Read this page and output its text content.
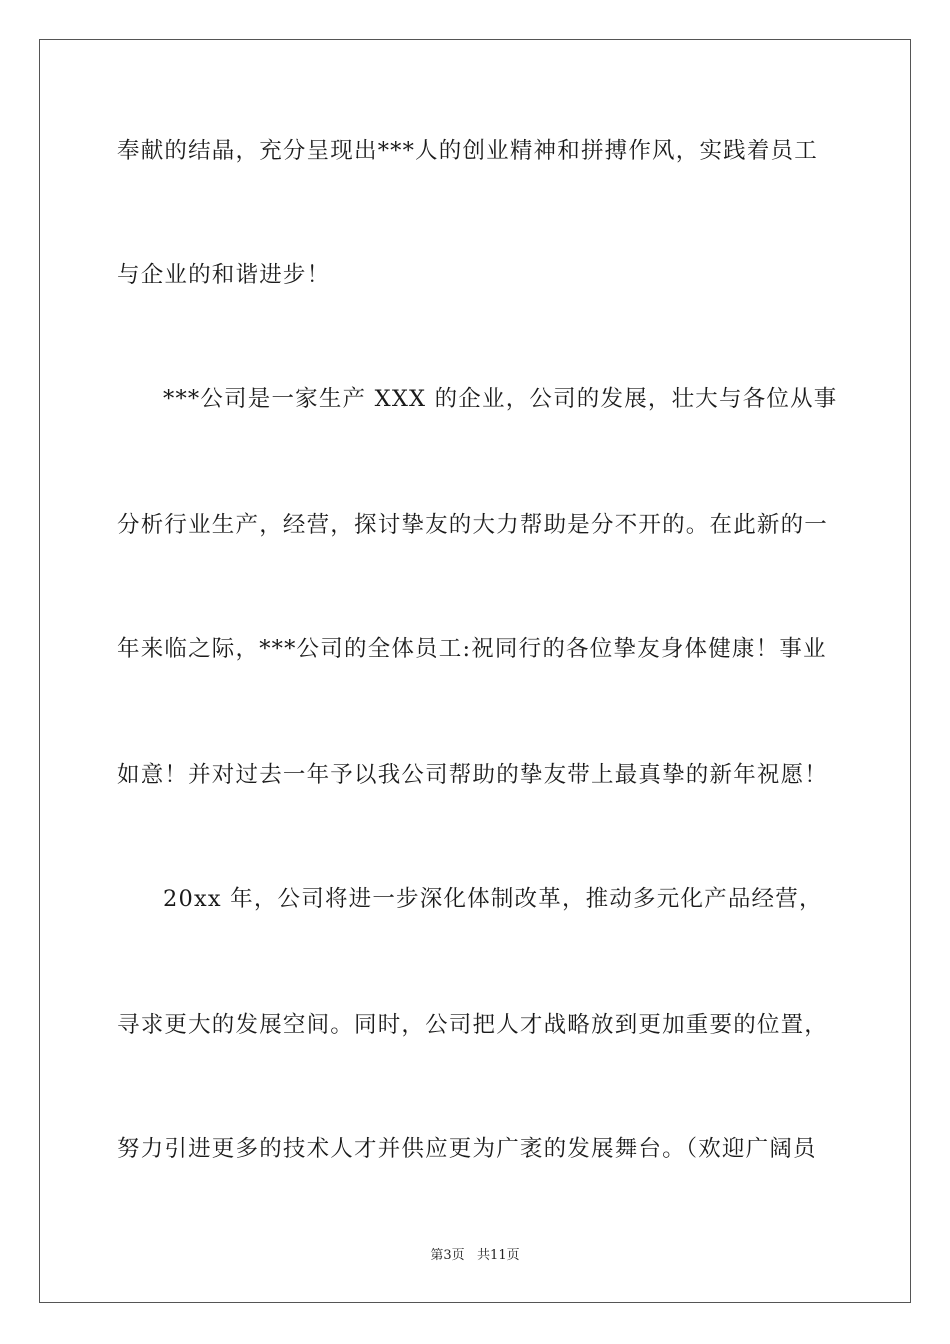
奉献的结晶，充分呈现出***人的创业精神和拼搏作风，实践着员工
与企业的和谐进步！
***公司是一家生产 XXX 的企业，公司的发展，壮大与各位从事
分析行业生产，经营，探讨挚友的大力帮助是分不开的。在此新的一
年来临之际，***公司的全体员工:祝同行的各位挚友身体健康！事业
如意！并对过去一年予以我公司帮助的挚友带上最真挚的新年祝愿！
20xx 年，公司将进一步深化体制改革，推动多元化产品经营，
寻求更大的发展空间。同时，公司把人才战略放到更加重要的位置，
努力引进更多的技术人才并供应更为广袤的发展舞台。（欢迎广阔员
第3页   共11页
